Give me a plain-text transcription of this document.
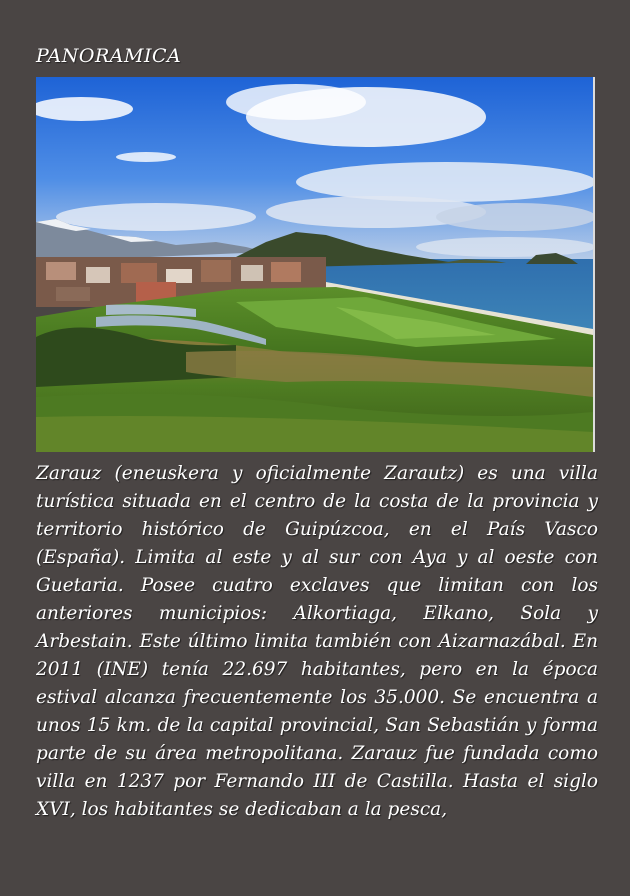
PANORAMICA

Zarauz (eneuskera y oficialmente Zarautz) es una villa turística situada en el centro de la costa de la provincia y territorio histórico de Guipúzcoa, en el País Vasco (España). Limita al este y al sur con Aya y al oeste con Guetaria. Posee cuatro exclaves que limitan con los anteriores municipios: Alkortiaga, Elkano, Sola y Arbestain. Este último limita también con Aizarnazábal. En 2011 (INE) tenía 22.697 habitantes, pero en la época estival alcanza frecuentemente los 35.000. Se encuentra a unos 15 km. de la capital provincial, San Sebastián y forma parte de su área metropolitana. Zarauz fue fundada como villa en 1237 por Fernando III de Castilla. Hasta el siglo XVI, los habitantes se dedicaban a la pesca,
